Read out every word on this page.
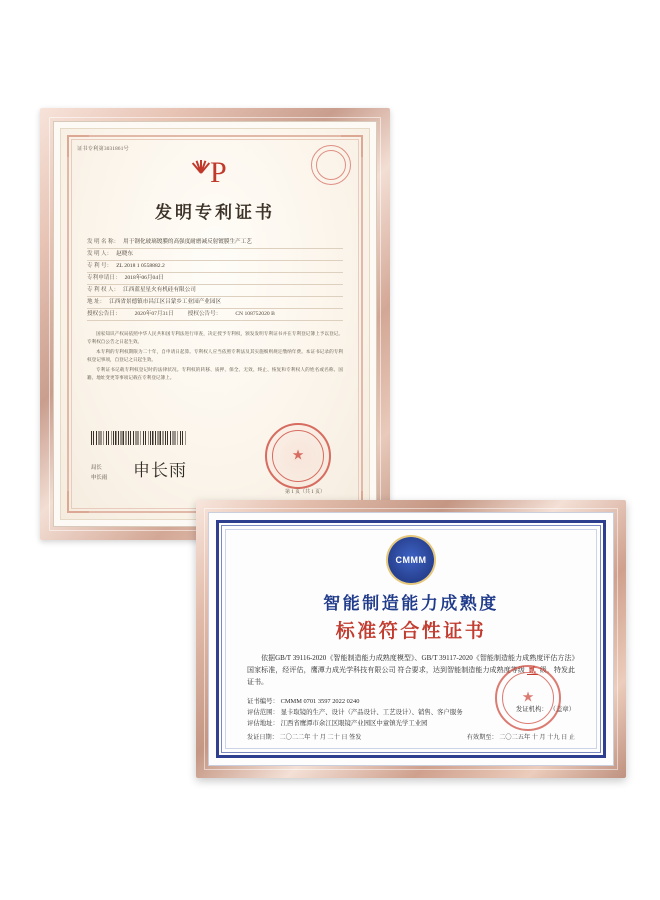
证书专利第3031861号
P
发明专利证书
发 明 名 称： 用于钢化玻璃镀膜的高强度耐磨减反射镀膜生产工艺
发 明 人： 赵晓东
专 利 号： ZL 2018 1 0558882.2
专利申请日： 2018年06月04日
专 利 权 人： 江西蓝星星火有机硅有限公司
地 址： 江西省景德镇市昌江区吕蒙乡工业园产业园区
授权公告日：	2020年07月31日	授权公告号：	CN 108752020 B

国家知识产权局依照中华人民共和国专利法进行审查，决定授予专利权，颁发发明专利证书并在专利登记簿上予以登记。专利权自公告之日起生效。

本专利的专利权期限为二十年，自申请日起算。专利权人应当依照专利法及其实施细则规定缴纳年费。本证书记录的专利权登记事项，自登记之日起生效。

专利证书记载专利权登记时的法律状况。专利权的转移、质押、保全、无效、终止、恢复和专利权人的姓名或名称、国籍、地址变更等事项记载在专利登记簿上。

局长
申长雨 申长雨
★
第 1 页（共 1 页）
CMMM
智能制造能力成熟度
标准符合性证书
依据GB/T 39116-2020《智能制造能力成熟度模型》、GB/T 39117-2020《智能制造能力成熟度评估方法》国家标准，经评估，鹰潭力成光学科技有限公司 符合要求，达到智能制造能力成熟度等级 贰 级，特发此证书。
证书编号： CMMM 0701 3597 2022 0240
评估范围： 显卡取镜的生产、设计（产品设计、工艺设计）、销售、客户服务
评估地址： 江西省鹰潭市余江区眼镜产业园区中童镇光学工业园
发证机构： （盖章）
发证日期： 二〇二二年 十 月 二十 日 签发	有效期至： 二〇二五年 十 月 十九 日 止
★
